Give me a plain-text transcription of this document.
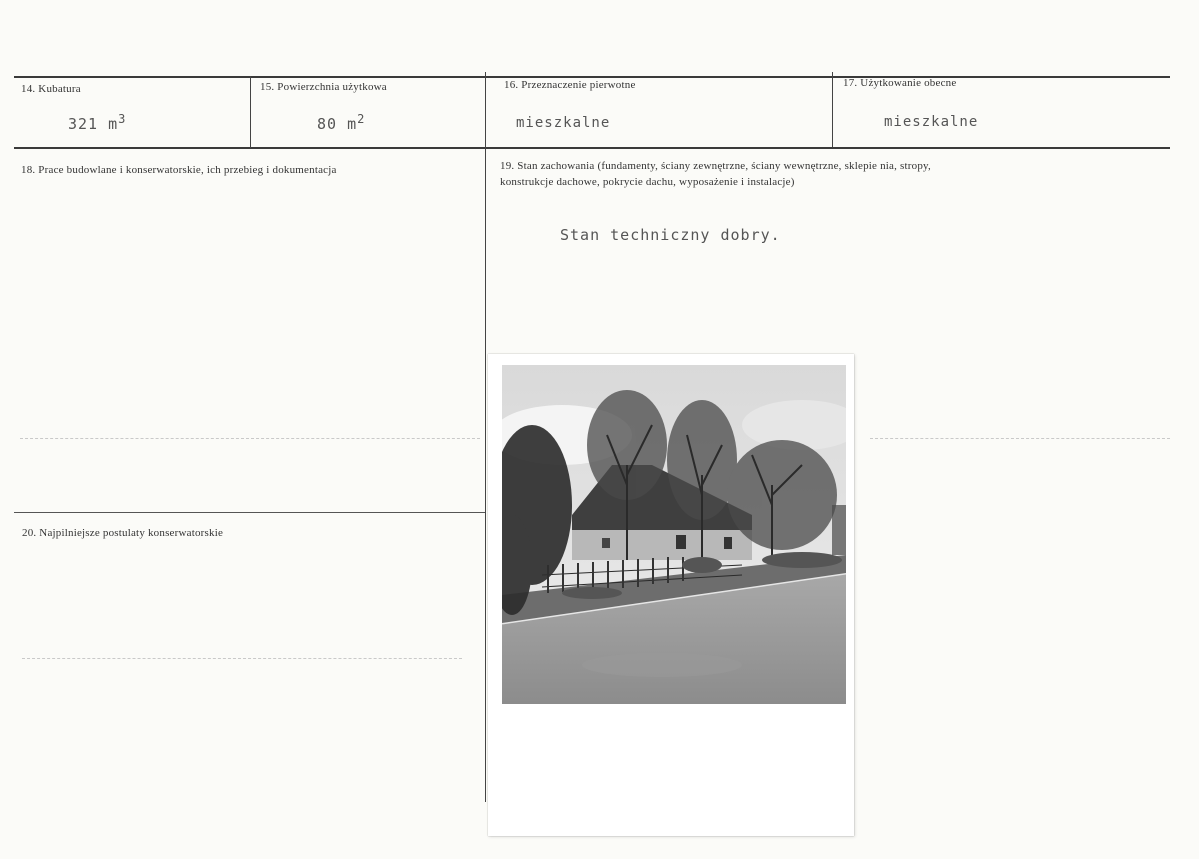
14. Kubatura
321 $m^3$
15. Powierzchnia użytkowa
80 $m^2$
16. Przeznaczenie pierwotne
mieszkalne
17. Użytkowanie obecne
mieszkalne
18. Prace budowlane i konserwatorskie, ich przebieg i dokumentacja	19. Stan zachowania (fundamenty, ściany zewnętrzne, ściany wewnętrzne, sklepie nia, stropy,
konstrukcje dachowe, pokrycie dachu, wyposażenie i instalacje)
Stan techniczny dobry.
20. Najpilniejsze postulaty konserwatorskie
